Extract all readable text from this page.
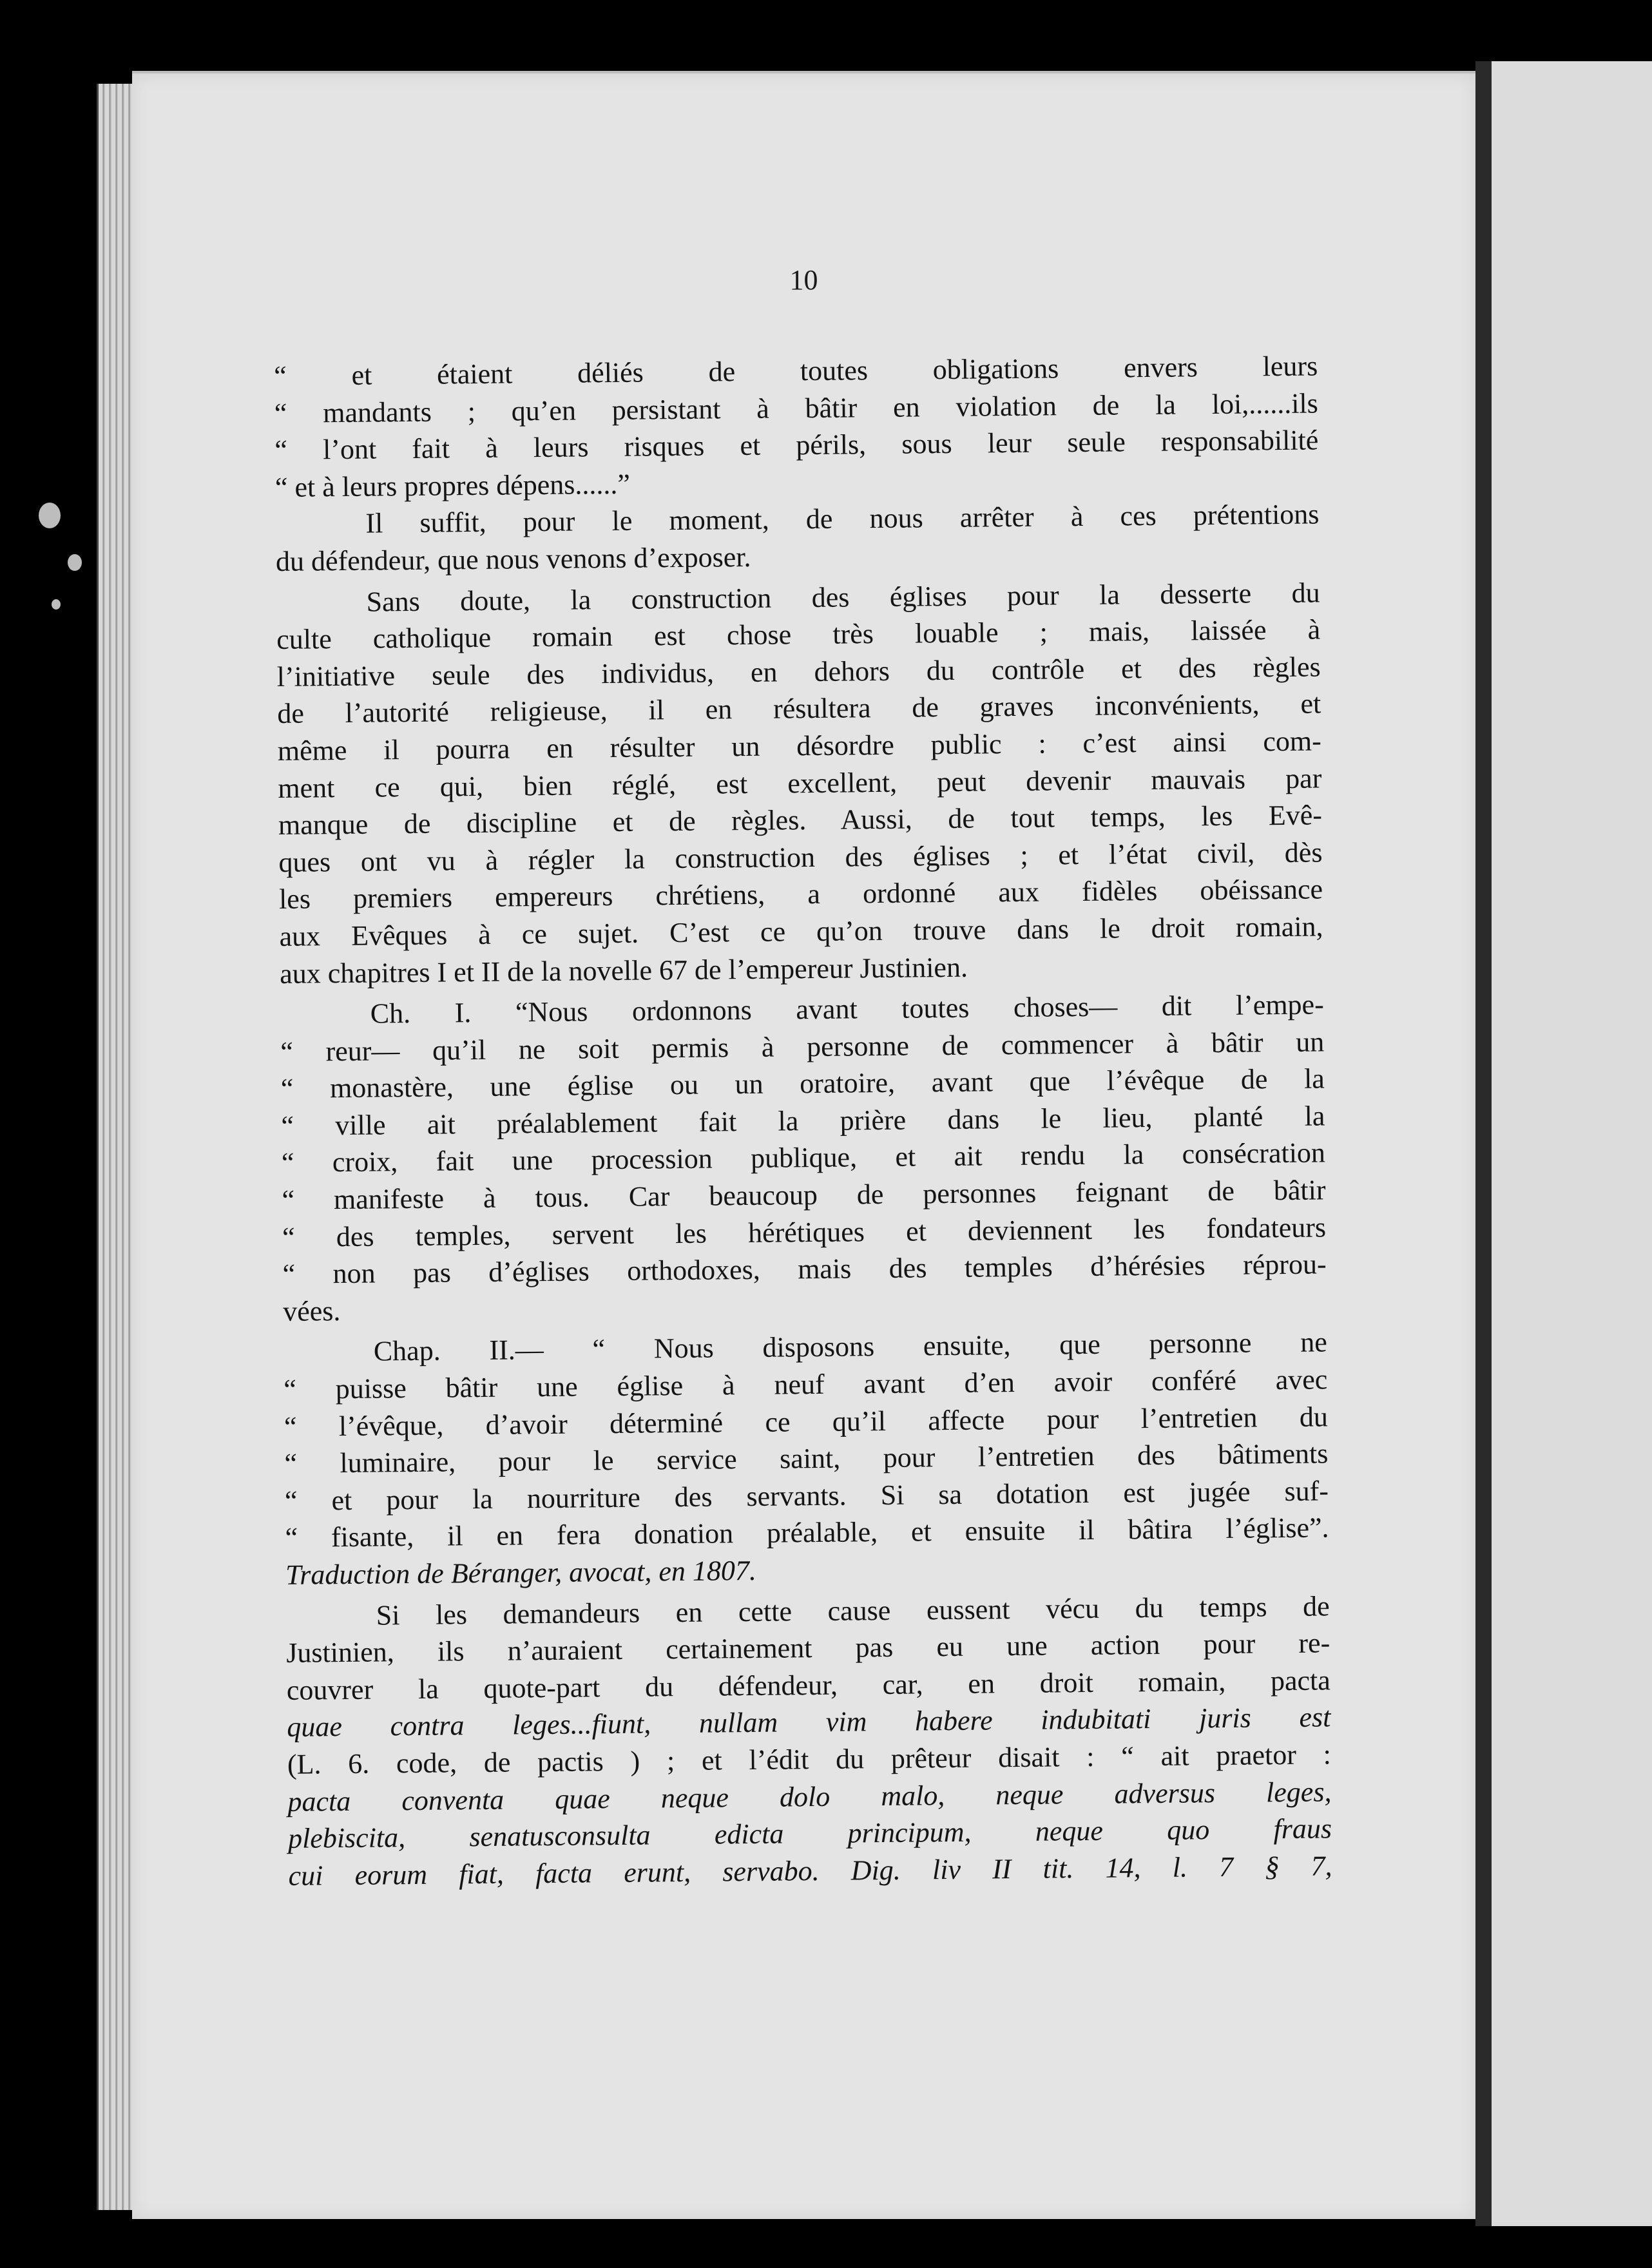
10
“ et étaient déliés de toutes obligations envers leurs
“ mandants ; qu’en persistant à bâtir en violation de la loi,......ils
“ l’ont fait à leurs risques et périls, sous leur seule responsabilité
“ et à leurs propres dépens......”
Il suffit, pour le moment, de nous arrêter à ces prétentions
du défendeur, que nous venons d’exposer.
Sans doute, la construction des églises pour la desserte du
culte catholique romain est chose très louable ; mais, laissée à
l’initiative seule des individus, en dehors du contrôle et des règles
de l’autorité religieuse, il en résultera de graves inconvénients, et
même il pourra en résulter un désordre public : c’est ainsi com-
ment ce qui, bien réglé, est excellent, peut devenir mauvais par
manque de discipline et de règles. Aussi, de tout temps, les Evê-
ques ont vu à régler la construction des églises ; et l’état civil, dès
les premiers empereurs chrétiens, a ordonné aux fidèles obéissance
aux Evêques à ce sujet. C’est ce qu’on trouve dans le droit romain,
aux chapitres I et II de la novelle 67 de l’empereur Justinien.
Ch. I. “Nous ordonnons avant toutes choses— dit l’empe-
“ reur— qu’il ne soit permis à personne de commencer à bâtir un
“ monastère, une église ou un oratoire, avant que l’évêque de la
“ ville ait préalablement fait la prière dans le lieu, planté la
“ croix, fait une procession publique, et ait rendu la consécration
“ manifeste à tous. Car beaucoup de personnes feignant de bâtir
“ des temples, servent les hérétiques et deviennent les fondateurs
“ non pas d’églises orthodoxes, mais des temples d’hérésies réprou-
vées.
Chap. II.— “ Nous disposons ensuite, que personne ne
“ puisse bâtir une église à neuf avant d’en avoir conféré avec
“ l’évêque, d’avoir déterminé ce qu’il affecte pour l’entretien du
“ luminaire, pour le service saint, pour l’entretien des bâtiments
“ et pour la nourriture des servants. Si sa dotation est jugée suf-
“ fisante, il en fera donation préalable, et ensuite il bâtira l’église”.
Traduction de Béranger, avocat, en 1807.
Si les demandeurs en cette cause eussent vécu du temps de
Justinien, ils n’auraient certainement pas eu une action pour re-
couvrer la quote-part du défendeur, car, en droit romain, pacta
quae contra leges...fiunt, nullam vim habere indubitati juris est
(L. 6. code, de pactis ) ; et l’édit du prêteur disait : “ ait praetor :
pacta conventa quae neque dolo malo, neque adversus leges,
plebiscita, senatusconsulta edicta principum, neque quo fraus
cui eorum fiat, facta erunt, servabo. Dig. liv II tit. 14, l. 7 § 7,
